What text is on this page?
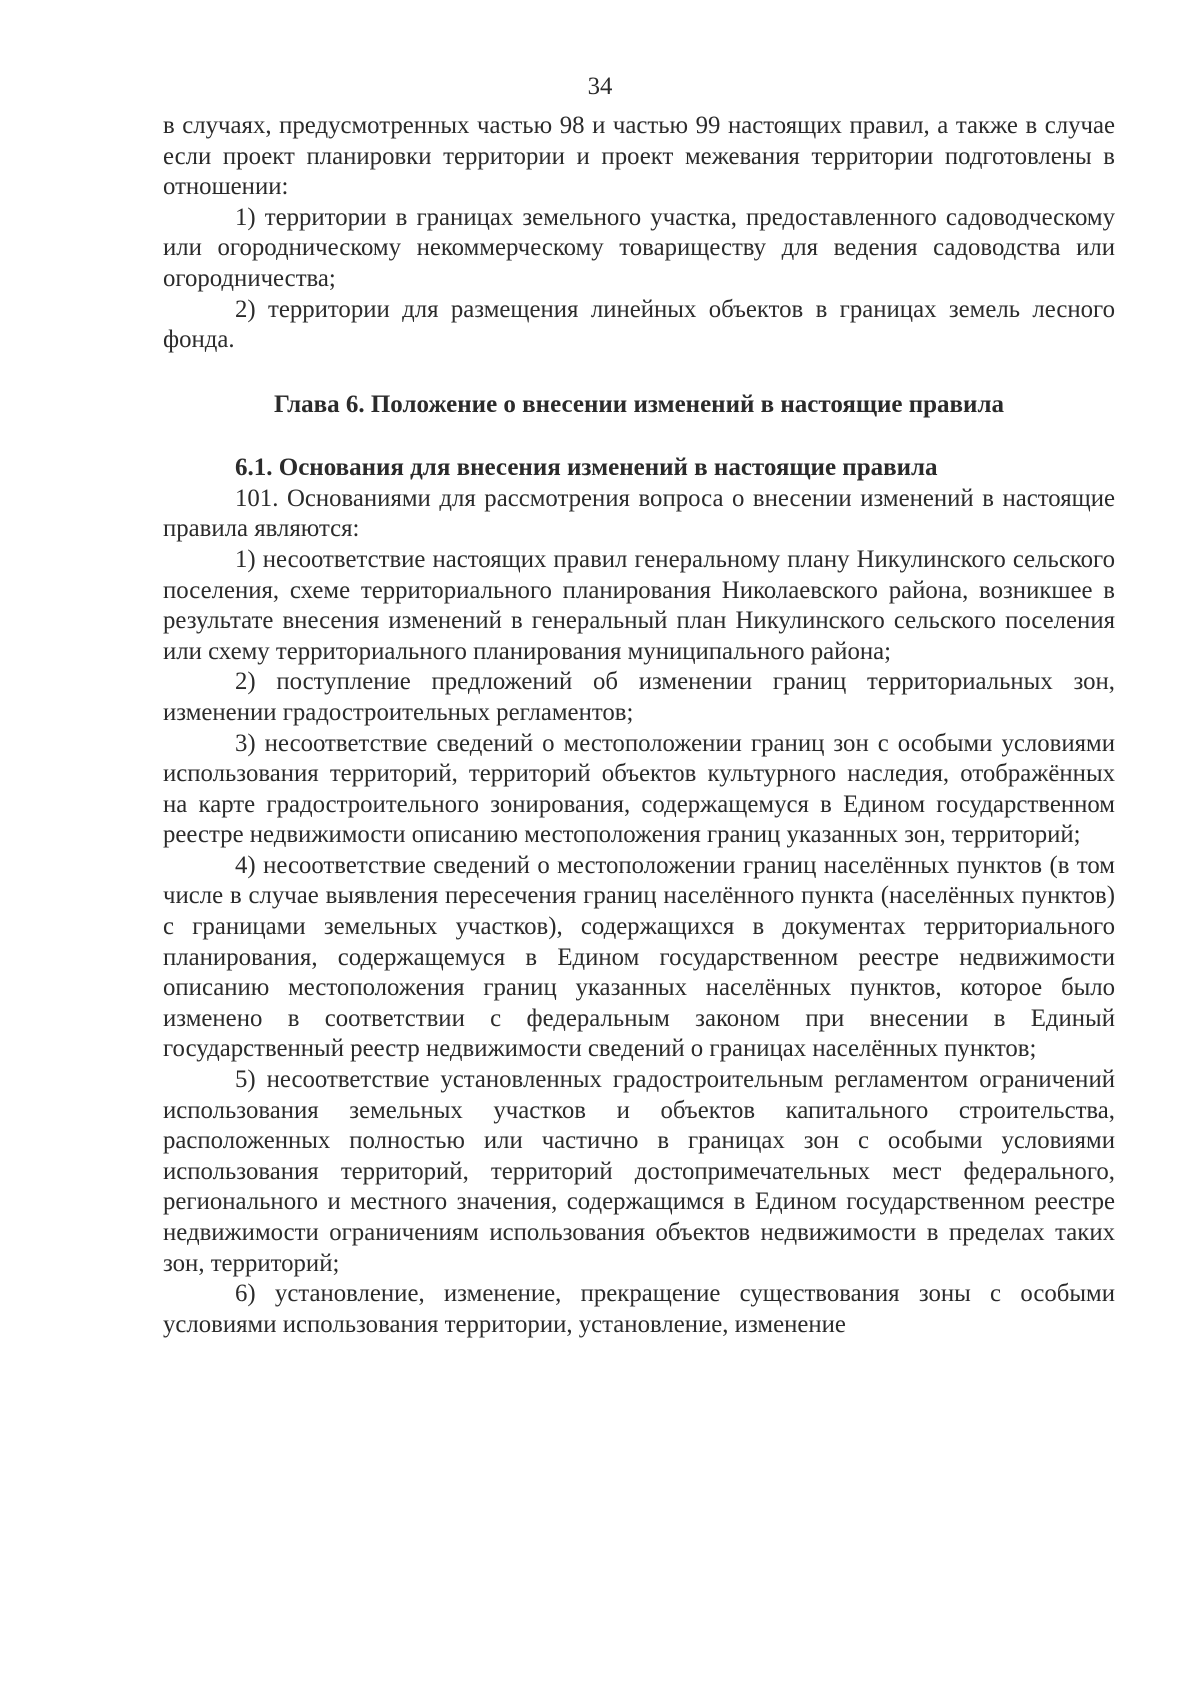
34

в случаях, предусмотренных частью 98 и частью 99 настоящих правил, а также в случае если проект планировки территории и проект межевания территории подготовлены в отношении:

1) территории в границах земельного участка, предоставленного садоводческому или огородническому некоммерческому товариществу для ведения садоводства или огородничества;

2) территории для размещения линейных объектов в границах земель лесного фонда.

Глава 6. Положение о внесении изменений в настоящие правила
6.1. Основания для внесения изменений в настоящие правила

101. Основаниями для рассмотрения вопроса о внесении изменений в настоящие правила являются:

1) несоответствие настоящих правил генеральному плану Никулинского сельского поселения, схеме территориального планирования Николаевского района, возникшее в результате внесения изменений в генеральный план Никулинского сельского поселения или схему территориального планирования муниципального района;

2) поступление предложений об изменении границ территориальных зон, изменении градостроительных регламентов;

3) несоответствие сведений о местоположении границ зон с особыми условиями использования территорий, территорий объектов культурного наследия, отображённых на карте градостроительного зонирования, содержащемуся в Едином государственном реестре недвижимости описанию местоположения границ указанных зон, территорий;

4) несоответствие сведений о местоположении границ населённых пунктов (в том числе в случае выявления пересечения границ населённого пункта (населённых пунктов) с границами земельных участков), содержащихся в документах территориального планирования, содержащемуся в Едином государственном реестре недвижимости описанию местоположения границ указанных населённых пунктов, которое было изменено в соответствии с федеральным законом при внесении в Единый государственный реестр недвижимости сведений о границах населённых пунктов;

5) несоответствие установленных градостроительным регламентом ограничений использования земельных участков и объектов капитального строительства, расположенных полностью или частично в границах зон с особыми условиями использования территорий, территорий достопримечательных мест федерального, регионального и местного значения, содержащимся в Едином государственном реестре недвижимости ограничениям использования объектов недвижимости в пределах таких зон, территорий;

6) установление, изменение, прекращение существования зоны с особыми условиями использования территории, установление, изменение
